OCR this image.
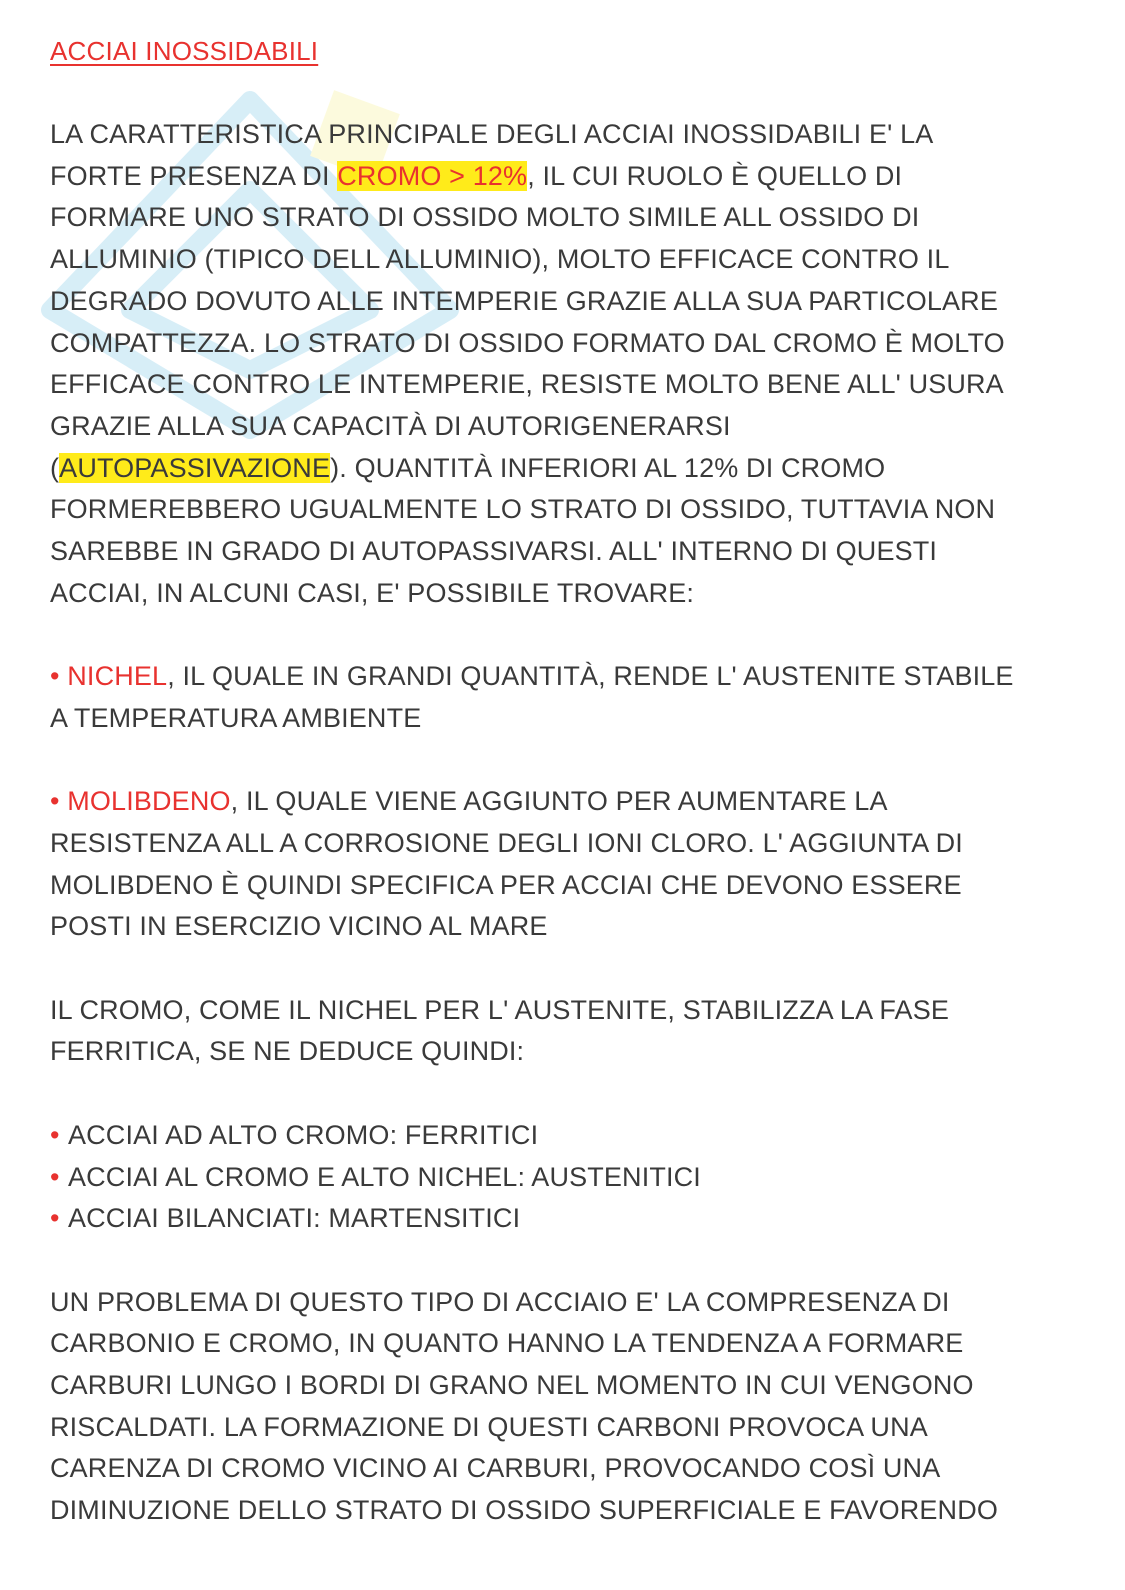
ACCIAI INOSSIDABILI
LA CARATTERISTICA PRINCIPALE DEGLI ACCIAI INOSSIDABILI E' LA
FORTE PRESENZA DI CROMO > 12%, IL CUI RUOLO È QUELLO DI
FORMARE UNO STRATO DI OSSIDO MOLTO SIMILE ALL OSSIDO DI
ALLUMINIO (TIPICO DELL ALLUMINIO), MOLTO EFFICACE CONTRO IL
DEGRADO DOVUTO ALLE INTEMPERIE GRAZIE ALLA SUA PARTICOLARE
COMPATTEZZA. LO STRATO DI OSSIDO FORMATO DAL CROMO È MOLTO
EFFICACE CONTRO LE INTEMPERIE, RESISTE MOLTO BENE ALL' USURA
GRAZIE ALLA SUA CAPACITÀ DI AUTORIGENERARSI
(AUTOPASSIVAZIONE). QUANTITÀ INFERIORI AL 12% DI CROMO
FORMEREBBERO UGUALMENTE LO STRATO DI OSSIDO, TUTTAVIA NON
SAREBBE IN GRADO DI AUTOPASSIVARSI. ALL' INTERNO DI QUESTI
ACCIAI, IN ALCUNI CASI, E' POSSIBILE TROVARE:
• NICHEL, IL QUALE IN GRANDI QUANTITÀ, RENDE L' AUSTENITE STABILE
A TEMPERATURA AMBIENTE
• MOLIBDENO, IL QUALE VIENE AGGIUNTO PER AUMENTARE LA
RESISTENZA ALL A CORROSIONE DEGLI IONI CLORO. L' AGGIUNTA DI
MOLIBDENO È QUINDI SPECIFICA PER ACCIAI CHE DEVONO ESSERE
POSTI IN ESERCIZIO VICINO AL MARE
IL CROMO, COME IL NICHEL PER L' AUSTENITE, STABILIZZA LA FASE
FERRITICA, SE NE DEDUCE QUINDI:
• ACCIAI AD ALTO CROMO: FERRITICI
• ACCIAI AL CROMO E ALTO NICHEL: AUSTENITICI
• ACCIAI BILANCIATI: MARTENSITICI
UN PROBLEMA DI QUESTO TIPO DI ACCIAIO E' LA COMPRESENZA DI
CARBONIO E CROMO, IN QUANTO HANNO LA TENDENZA A FORMARE
CARBURI LUNGO I BORDI DI GRANO NEL MOMENTO IN CUI VENGONO
RISCALDATI. LA FORMAZIONE DI QUESTI CARBONI PROVOCA UNA
CARENZA DI CROMO VICINO AI CARBURI, PROVOCANDO COSÌ UNA
DIMINUZIONE DELLO STRATO DI OSSIDO SUPERFICIALE E FAVORENDO
